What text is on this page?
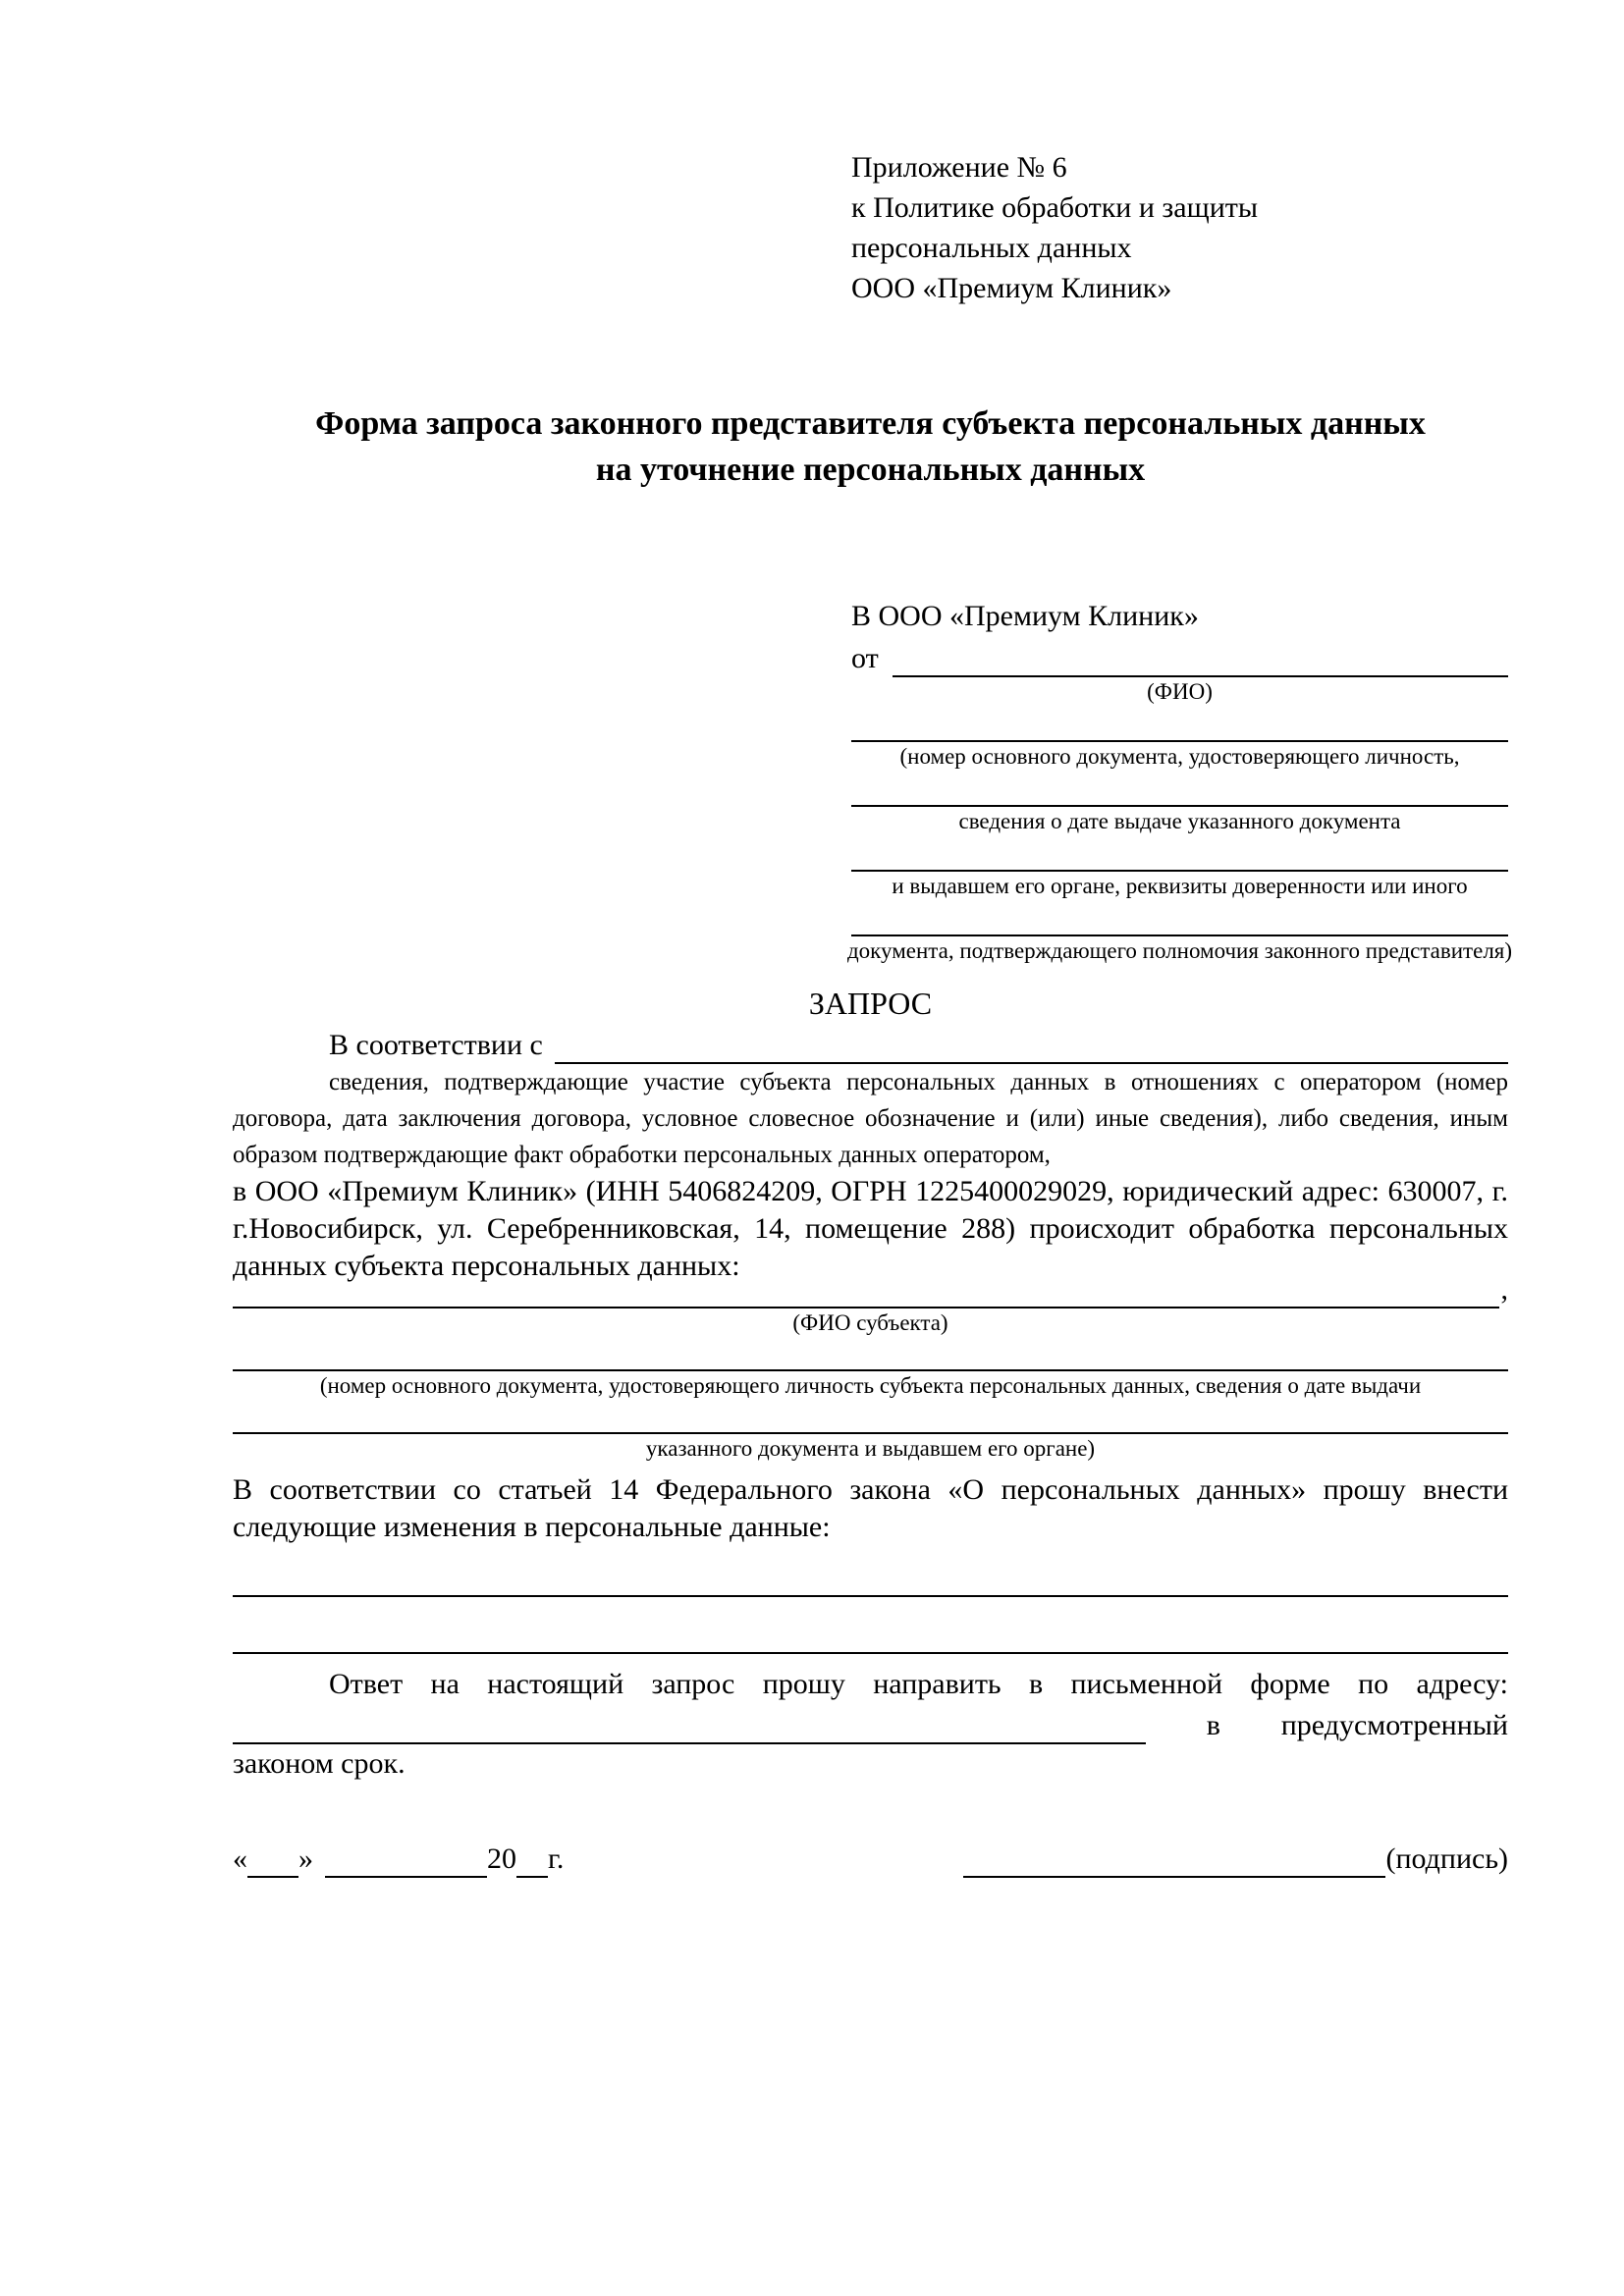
Приложение № 6
к Политике обработки и защиты
персональных данных
ООО «Премиум Клиник»
Форма запроса законного представителя субъекта персональных данных
на уточнение персональных данных
В ООО «Премиум Клиник»
от
(ФИО)
(номер основного документа, удостоверяющего личность,
сведения о дате выдаче указанного документа
и выдавшем его органе, реквизиты доверенности или иного
документа, подтверждающего полномочия законного представителя)
ЗАПРОС
В соответствии с
сведения, подтверждающие участие субъекта персональных данных в отношениях с оператором (номер договора, дата заключения договора, условное словесное обозначение и (или) иные сведения), либо сведения, иным образом подтверждающие факт обработки персональных данных оператором,
в ООО «Премиум Клиник» (ИНН 5406824209, ОГРН 1225400029029, юридический адрес: 630007, г. г.Новосибирск, ул. Серебренниковская, 14, помещение 288) происходит обработка персональных данных субъекта персональных данных:
,
(ФИО субъекта)
(номер основного документа, удостоверяющего личность субъекта персональных данных, сведения о дате выдачи
указанного документа и выдавшем его органе)
В соответствии со статьей 14 Федерального закона «О персональных данных» прошу внести следующие изменения в персональные данные:
Ответ на настоящий запрос прошу направить в письменной форме по адресу:
в предусмотренный
законом срок.
« »	20 г.	(подпись)
